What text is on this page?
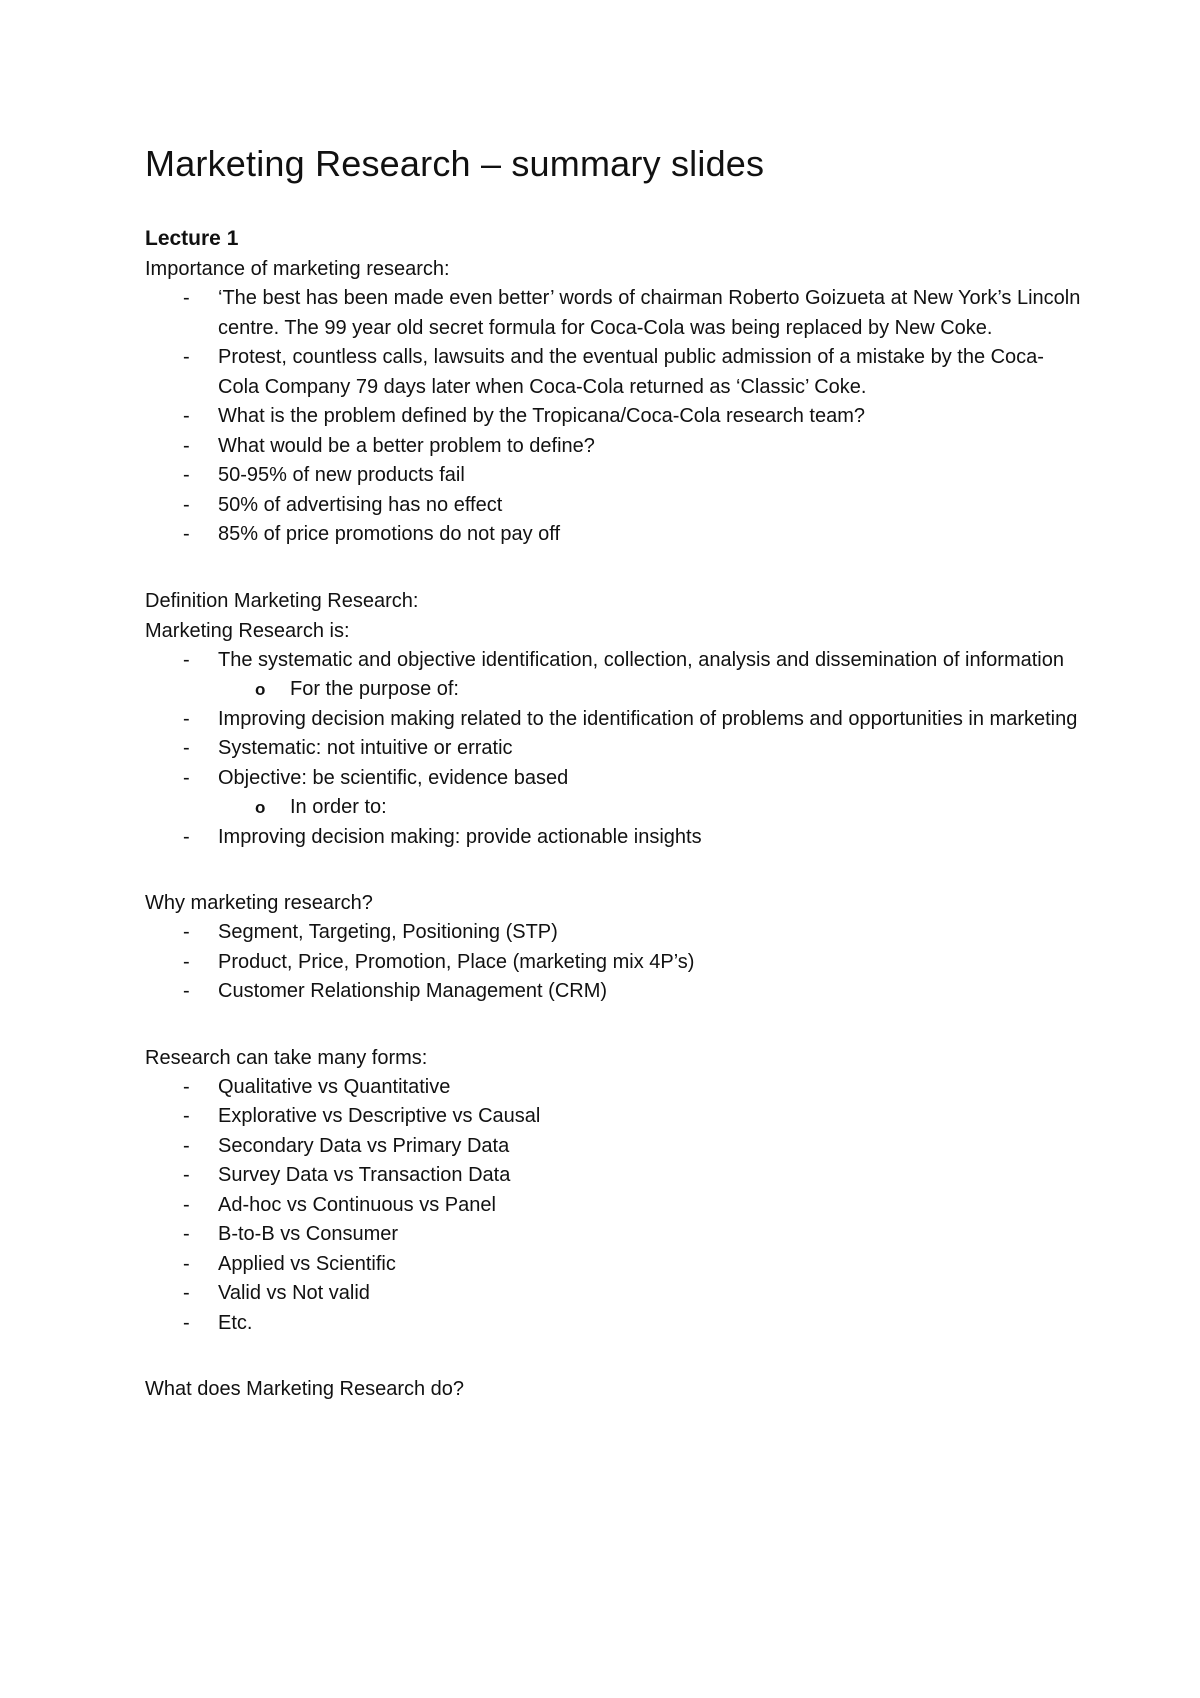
Marketing Research – summary slides

Lecture 1

Importance of marketing research:

- ‘The best has been made even better’ words of chairman Roberto Goizueta at New York’s Lincoln centre. The 99 year old secret formula for Coca-Cola was being replaced by New Coke.
- Protest, countless calls, lawsuits and the eventual public admission of a mistake by the Coca-Cola Company 79 days later when Coca-Cola returned as ‘Classic’ Coke.
- What is the problem defined by the Tropicana/Coca-Cola research team?
- What would be a better problem to define?
- 50-95% of new products fail
- 50% of advertising has no effect
- 85% of price promotions do not pay off

Definition Marketing Research:

Marketing Research is:

- The systematic and objective identification, collection, analysis and dissemination of information
o For the purpose of:
- Improving decision making related to the identification of problems and opportunities in marketing
- Systematic: not intuitive or erratic
- Objective: be scientific, evidence based
o In order to:
- Improving decision making: provide actionable insights

Why marketing research?

- Segment, Targeting, Positioning (STP)
- Product, Price, Promotion, Place (marketing mix 4P’s)
- Customer Relationship Management (CRM)

Research can take many forms:

- Qualitative vs Quantitative
- Explorative vs Descriptive vs Causal
- Secondary Data vs Primary Data
- Survey Data vs Transaction Data
- Ad-hoc vs Continuous vs Panel
- B-to-B vs Consumer
- Applied vs Scientific
- Valid vs Not valid
- Etc.

What does Marketing Research do?
